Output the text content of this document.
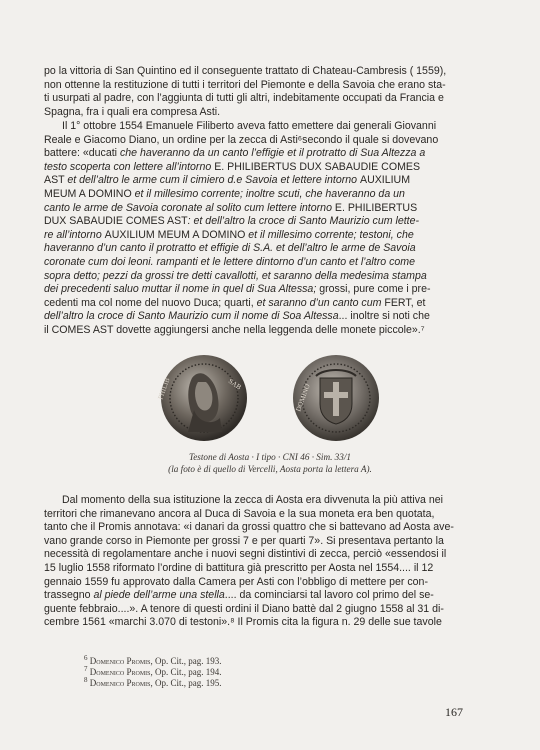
po la vittoria di San Quintino ed il conseguente trattato di Chateau-Cambresis ( 1559),
non ottenne la restituzione di tutti i territori del Piemonte e della Savoia che erano sta-
ti usurpati al padre, con l’aggiunta di tutti gli altri, indebitamente occupati da Francia e
Spagna, fra i quali era compresa Asti.
Il 1° ottobre 1554 Emanuele Filiberto aveva fatto emettere dai generali Giovanni
Reale e Giacomo Diano, un ordine per la zecca di Asti⁶secondo il quale si dovevano
battere: «ducati che haveranno da un canto l’effigie et il protratto di Sua Altezza a
testo scoperta con lettere all’intorno E. PHILIBERTUS DUX SABAUDIE COMES
AST et dell’altro le arme cum il cimiero d.e Savoia et lettere intorno AUXILIUM
MEUM A DOMINO et il millesimo corrente; inoltre scuti, che haveranno da un
canto le arme de Savoia coronate al solito cum lettere intorno E. PHILIBERTUS
DUX SABAUDIE COMES AST: et dell’altro la croce di Santo Maurizio cum lette-
re all’intorno AUXILIUM MEUM A DOMINO et il millesimo corrente; testoni, che
haveranno d’un canto il protratto et effigie di S.A. et dell’altro le arme de Savoia
coronate cum doi leoni. rampanti et le lettere dintorno d’un canto et l’altro come
sopra detto; pezzi da grossi tre detti cavallotti, et saranno della medesima stampa
dei precedenti saluo muttar il nome in quel di Sua Altessa; grossi, pure come i pre-
cedenti ma col nome del nuovo Duca; quarti, et saranno d’un canto cum FERT, et
dell’altro la croce di Santo Maurizio cum il nome di Soa Altessa... inoltre si noti che
il COMES AST dovette aggiungersi anche nella leggenda delle monete piccole».⁷
SAB
PHILIB	DOMINO
Testone di Aosta · I tipo · CNI 46 · Sim. 33/1
(la foto è di quello di Vercelli, Aosta porta la lettera A).
Dal momento della sua istituzione la zecca di Aosta era divvenuta la più attiva nei
territori che rimanevano ancora al Duca di Savoia e la sua moneta era ben quotata,
tanto che il Promis annotava: «i danari da grossi quattro che si battevano ad Aosta ave-
vano grande corso in Piemonte per grossi 7 e per quarti 7». Si presentava pertanto la
necessità di regolamentare anche i nuovi segni distintivi di zecca, perciò «essendosi il
15 luglio 1558 riformato l’ordine di battitura già prescritto per Aosta nel 1554.... il 12
gennaio 1559 fu approvato dalla Camera per Asti con l’obbligo di mettere per con-
trassegno al piede dell’arme una stella.... da cominciarsi tal lavoro col primo del se-
guente febbraio....». A tenore di questi ordini il Diano battè dal 2 giugno 1558 al 31 di-
cembre 1561 «marchi 3.070 di testoni».⁸ Il Promis cita la figura n. 29 delle sue tavole
$^6$ Domenico Promis, Op. Cit., pag. 193.
$^7$ Domenico Promis, Op. Cit., pag. 194.
$^8$ Domenico Promis, Op. Cit., pag. 195.
167
